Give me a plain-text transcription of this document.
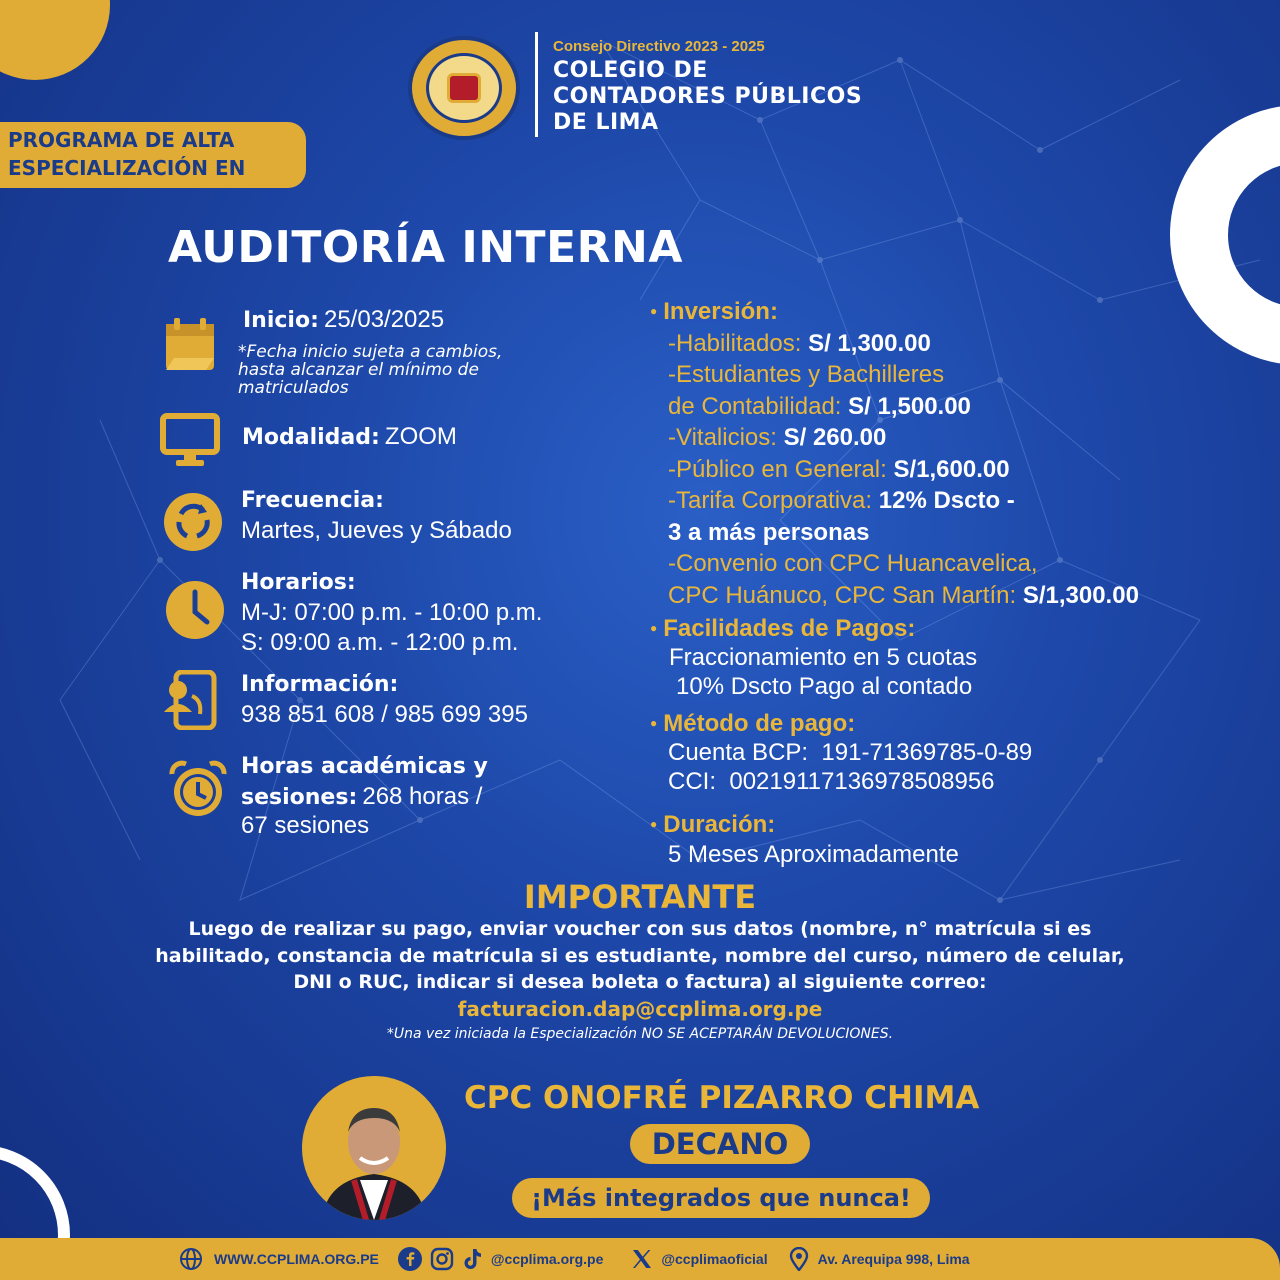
Consejo Directivo 2023 - 2025
COLEGIO DE
CONTADORES PÚBLICOS
DE LIMA
PROGRAMA DE ALTA
ESPECIALIZACIÓN EN
AUDITORÍA INTERNA
Inicio: 25/03/2025
*Fecha inicio sujeta a cambios,
hasta alcanzar el mínimo de
matriculados
Modalidad: ZOOM
Frecuencia:
Martes, Jueves y Sábado
Horarios:
M-J: 07:00 p.m. - 10:00 p.m.
S: 09:00 a.m. - 12:00 p.m.
Información:
938 851 608 / 985 699 395
Horas académicas y
sesiones: 268 horas /
67 sesiones
● Inversión:
-Habilitados: S/ 1,300.00
-Estudiantes y Bachilleres
de Contabilidad: S/ 1,500.00
-Vitalicios: S/ 260.00
-Público en General: S/1,600.00
-Tarifa Corporativa: 12% Dscto -
3 a más personas
-Convenio con CPC Huancavelica,
CPC Huánuco, CPC San Martín: S/1,300.00
● Facilidades de Pagos:
Fraccionamiento en 5 cuotas
10% Dscto Pago al contado
● Método de pago:
Cuenta BCP: 191-71369785-0-89
CCI: 00219117136978508956
● Duración:
5 Meses Aproximadamente
IMPORTANTE
Luego de realizar su pago, enviar voucher con sus datos (nombre, n° matrícula si es
habilitado, constancia de matrícula si es estudiante, nombre del curso, número de celular,
DNI o RUC, indicar si desea boleta o factura) al siguiente correo:
facturacion.dap@ccplima.org.pe
*Una vez iniciada la Especialización NO SE ACEPTARÁN DEVOLUCIONES.
CPC ONOFRÉ PIZARRO CHIMA
DECANO
¡Más integrados que nunca!
WWW.CCPLIMA.ORG.PE	@ccplima.org.pe	@ccplimaoficial	Av. Arequipa 998, Lima
